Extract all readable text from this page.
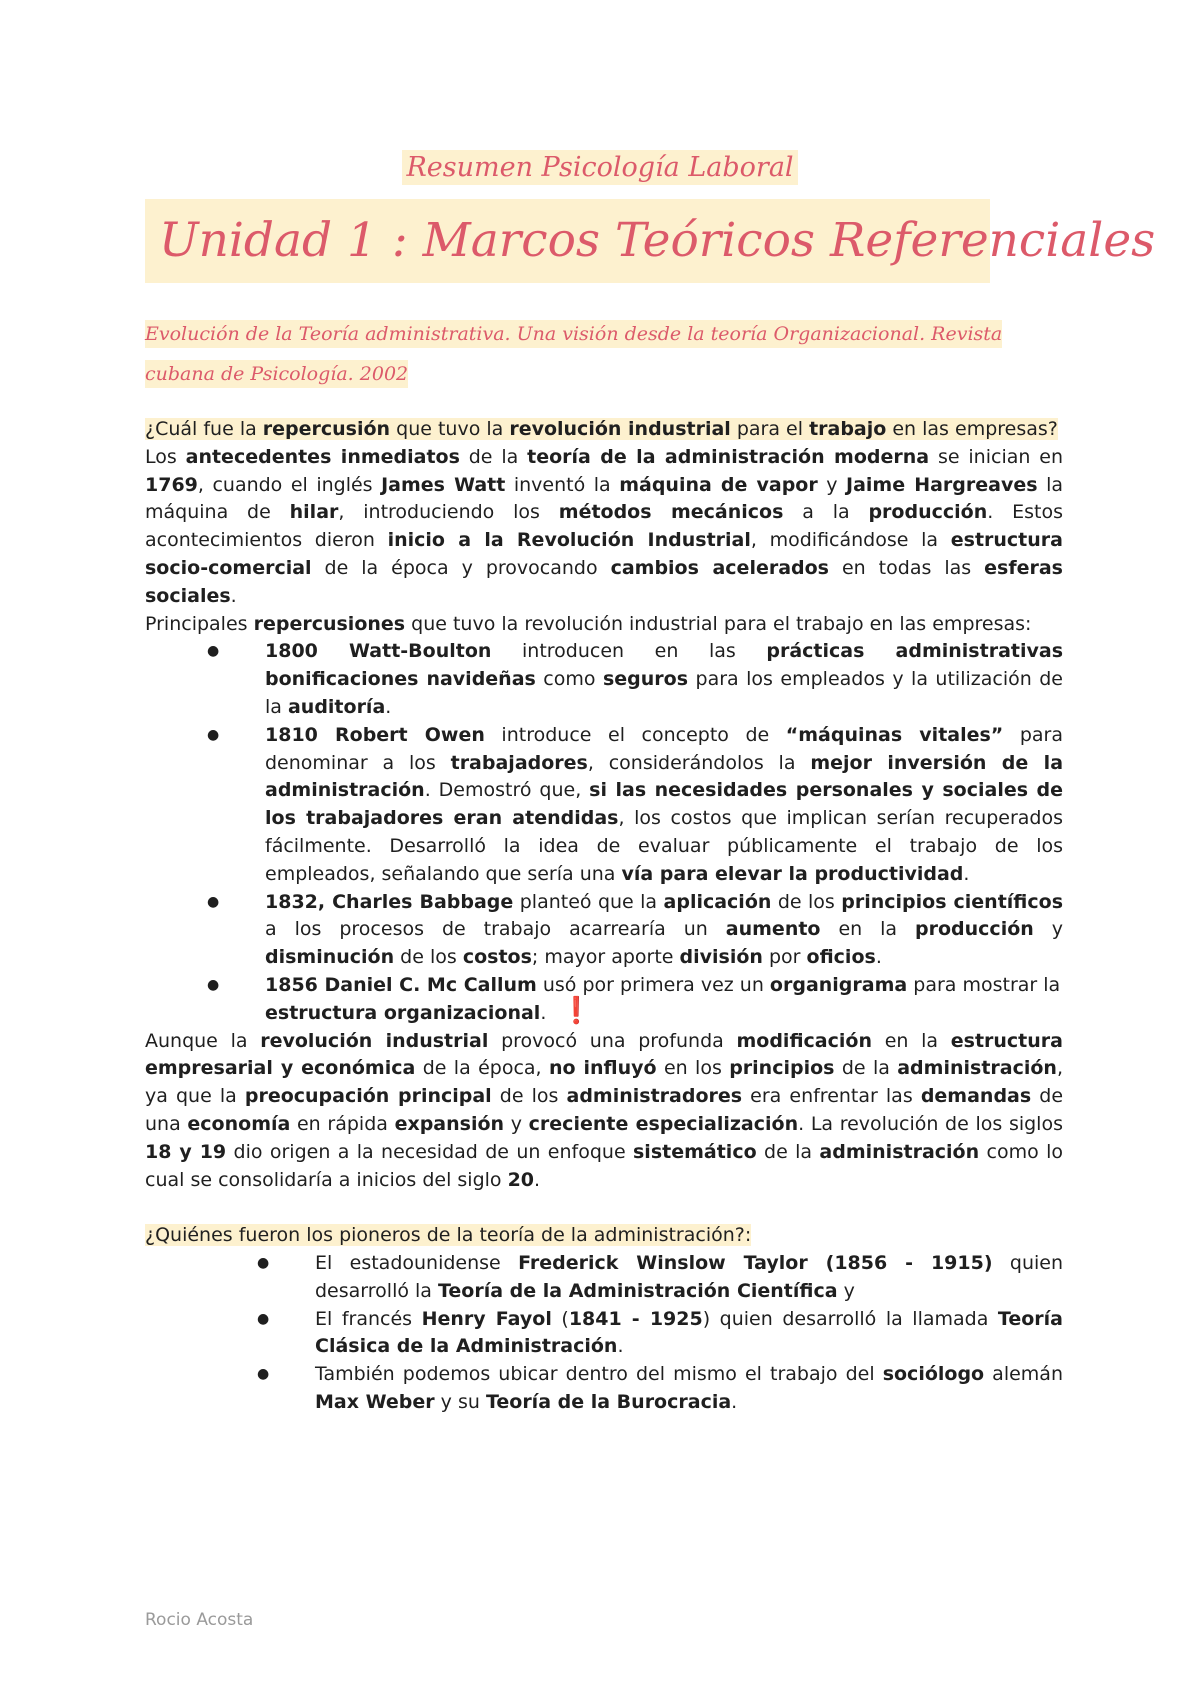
Resumen Psicología Laboral
Unidad 1 : Marcos Teóricos Referenciales
Evolución de la Teoría administrativa. Una visión desde la teoría Organizacional. Revista cubana de Psicología. 2002

¿Cuál fue la repercusión que tuvo la revolución industrial para el trabajo en las empresas?

Los antecedentes inmediatos de la teoría de la administración moderna se inician en 1769, cuando el inglés James Watt inventó la máquina de vapor y Jaime Hargreaves la máquina de hilar, introduciendo los métodos mecánicos a la producción. Estos acontecimientos dieron inicio a la Revolución Industrial, modificándose la estructura socio-comercial de la época y provocando cambios acelerados en todas las esferas sociales.

Principales repercusiones que tuvo la revolución industrial para el trabajo en las empresas:

● 1800 Watt-Boulton introducen en las prácticas administrativas bonificaciones navideñas como seguros para los empleados y la utilización de la auditoría.
● 1810 Robert Owen introduce el concepto de “máquinas vitales” para denominar a los trabajadores, considerándolos la mejor inversión de la administración. Demostró que, si las necesidades personales y sociales de los trabajadores eran atendidas, los costos que implican serían recuperados fácilmente. Desarrolló la idea de evaluar públicamente el trabajo de los empleados, señalando que sería una vía para elevar la productividad.
● 1832, Charles Babbage planteó que la aplicación de los principios científicos a los procesos de trabajo acarrearía un aumento en la producción y disminución de los costos; mayor aporte división por oficios.
● 1856 Daniel C. Mc Callum usó por primera vez un organigrama para mostrar la estructura organizacional. ❗

Aunque la revolución industrial provocó una profunda modificación en la estructura empresarial y económica de la época, no influyó en los principios de la administración, ya que la preocupación principal de los administradores era enfrentar las demandas de una economía en rápida expansión y creciente especialización. La revolución de los siglos 18 y 19 dio origen a la necesidad de un enfoque sistemático de la administración como lo cual se consolidaría a inicios del siglo 20.

¿Quiénes fueron los pioneros de la teoría de la administración?:

● El estadounidense Frederick Winslow Taylor (1856 - 1915) quien desarrolló la Teoría de la Administración Científica y
● El francés Henry Fayol (1841 - 1925) quien desarrolló la llamada Teoría Clásica de la Administración.
● También podemos ubicar dentro del mismo el trabajo del sociólogo alemán Max Weber y su Teoría de la Burocracia.
Rocio Acosta
